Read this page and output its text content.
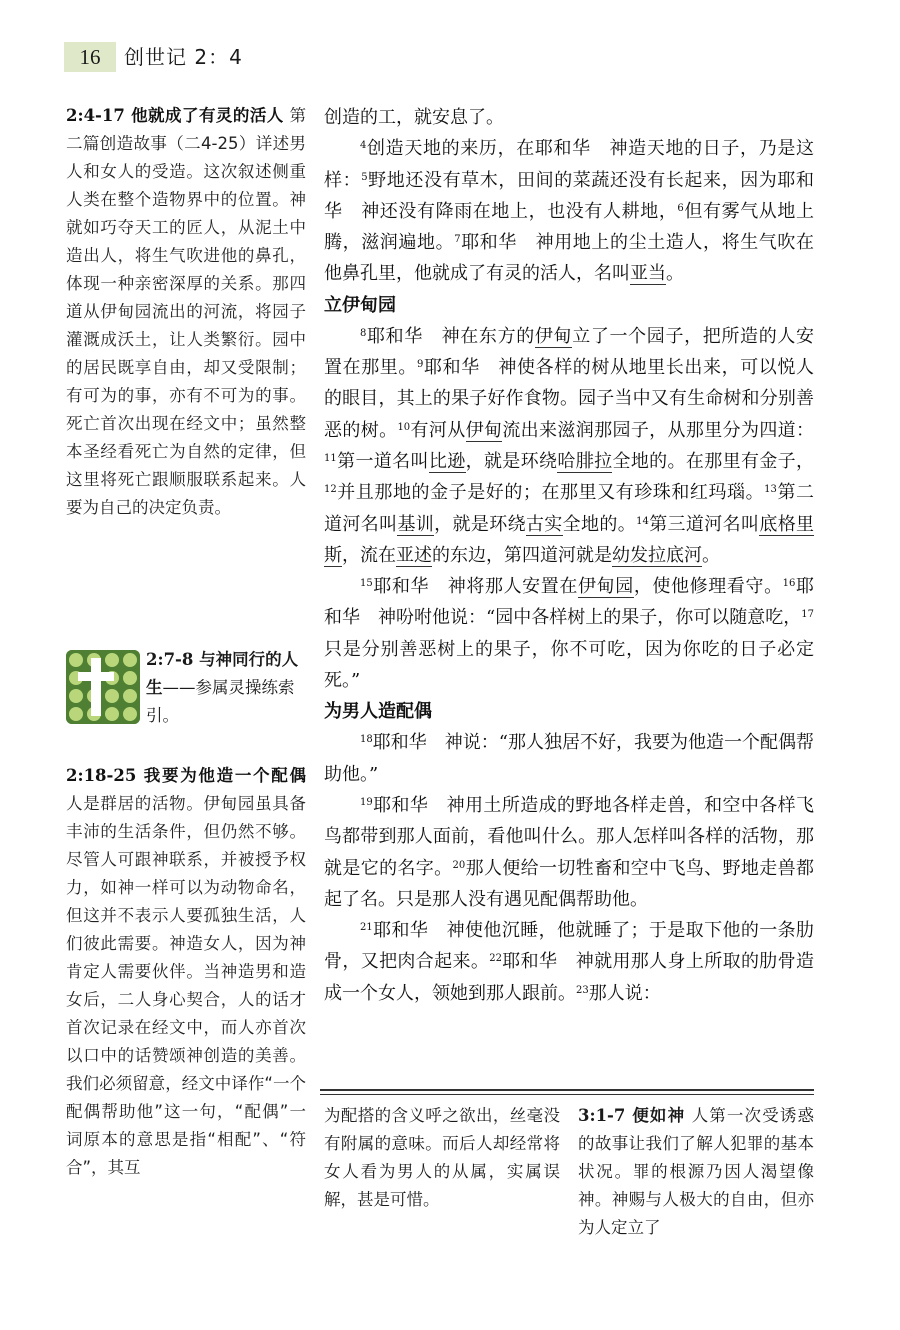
16	创世记 2：4

2:4-17 他就成了有灵的活人 第二篇创造故事（二4-25）详述男人和女人的受造。这次叙述侧重人类在整个造物界中的位置。神就如巧夺天工的匠人，从泥土中造出人，将生气吹进他的鼻孔，体现一种亲密深厚的关系。那四道从伊甸园流出的河流，将园子灌溉成沃土，让人类繁衍。园中的居民既享自由，却又受限制；有可为的事，亦有不可为的事。死亡首次出现在经文中；虽然整本圣经看死亡为自然的定律，但这里将死亡跟顺服联系起来。人要为自己的决定负责。

2:7-8 与神同行的人生——参属灵操练索引。

2:18-25 我要为他造一个配偶 人是群居的活物。伊甸园虽具备丰沛的生活条件，但仍然不够。尽管人可跟神联系，并被授予权力，如神一样可以为动物命名，但这并不表示人要孤独生活，人们彼此需要。神造女人，因为神肯定人需要伙伴。当神造男和造女后，二人身心契合，人的话才首次记录在经文中，而人亦首次以口中的话赞颂神创造的美善。我们必须留意，经文中译作“一个配偶帮助他”这一句，“配偶”一词原本的意思是指“相配”、“符合”，其互

创造的工，就安息了。

$^4$创造天地的来历，在耶和华　神造天地的日子，乃是这样：$^5$野地还没有草木，田间的菜蔬还没有长起来，因为耶和华　神还没有降雨在地上，也没有人耕地，$^6$但有雾气从地上腾，滋润遍地。$^7$耶和华　神用地上的尘土造人，将生气吹在他鼻孔里，他就成了有灵的活人，名叫亚当。

立伊甸园

$^8$耶和华　神在东方的伊甸立了一个园子，把所造的人安置在那里。$^9$耶和华　神使各样的树从地里长出来，可以悦人的眼目，其上的果子好作食物。园子当中又有生命树和分别善恶的树。$^{10}$有河从伊甸流出来滋润那园子，从那里分为四道：$^{11}$第一道名叫比逊，就是环绕哈腓拉全地的。在那里有金子，$^{12}$并且那地的金子是好的；在那里又有珍珠和红玛瑙。$^{13}$第二道河名叫基训，就是环绕古实全地的。$^{14}$第三道河名叫底格里斯，流在亚述的东边，第四道河就是幼发拉底河。

$^{15}$耶和华　神将那人安置在伊甸园，使他修理看守。$^{16}$耶和华　神吩咐他说：“园中各样树上的果子，你可以随意吃，$^{17}$只是分别善恶树上的果子，你不可吃，因为你吃的日子必定死。”

为男人造配偶

$^{18}$耶和华　神说：“那人独居不好，我要为他造一个配偶帮助他。”

$^{19}$耶和华　神用土所造成的野地各样走兽，和空中各样飞鸟都带到那人面前，看他叫什么。那人怎样叫各样的活物，那就是它的名字。$^{20}$那人便给一切牲畜和空中飞鸟、野地走兽都起了名。只是那人没有遇见配偶帮助他。

$^{21}$耶和华　神使他沉睡，他就睡了；于是取下他的一条肋骨，又把肉合起来。$^{22}$耶和华　神就用那人身上所取的肋骨造成一个女人，领她到那人跟前。$^{23}$那人说：

为配搭的含义呼之欲出，丝毫没有附属的意味。而后人却经常将女人看为男人的从属，实属误解，甚是可惜。

3:1-7 便如神 人第一次受诱惑的故事让我们了解人犯罪的基本状况。罪的根源乃因人渴望像神。神赐与人极大的自由，但亦为人定立了
